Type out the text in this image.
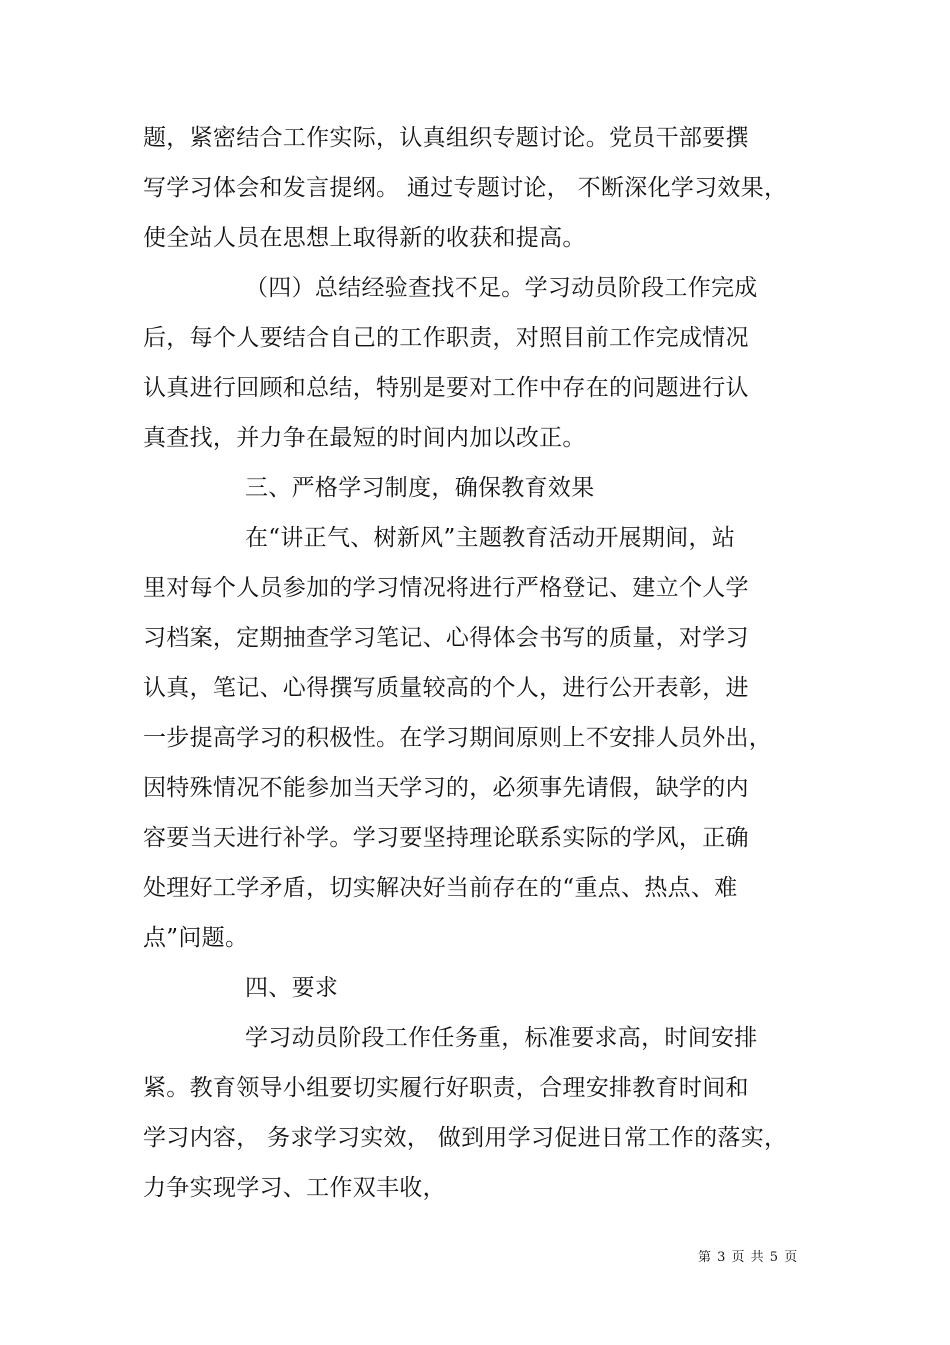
题，紧密结合工作实际，认真组织专题讨论。党员干部要撰
写学习体会和发言提纲。 通过专题讨论， 不断深化学习效果，
使全站人员在思想上取得新的收获和提高。
（四）总结经验查找不足。学习动员阶段工作完成
后，每个人要结合自己的工作职责，对照目前工作完成情况
认真进行回顾和总结，特别是要对工作中存在的问题进行认
真查找，并力争在最短的时间内加以改正。
三、严格学习制度，确保教育效果
在“讲正气、树新风”主题教育活动开展期间，站
里对每个人员参加的学习情况将进行严格登记、建立个人学
习档案，定期抽查学习笔记、心得体会书写的质量，对学习
认真，笔记、心得撰写质量较高的个人，进行公开表彰，进
一步提高学习的积极性。在学习期间原则上不安排人员外出，
因特殊情况不能参加当天学习的，必须事先请假，缺学的内
容要当天进行补学。学习要坚持理论联系实际的学风，正确
处理好工学矛盾，切实解决好当前存在的“重点、热点、难
点”问题。
四、要求
学习动员阶段工作任务重，标准要求高，时间安排
紧。教育领导小组要切实履行好职责，合理安排教育时间和
学习内容， 务求学习实效， 做到用学习促进日常工作的落实，
力争实现学习、工作双丰收，
第 3 页 共 5 页
